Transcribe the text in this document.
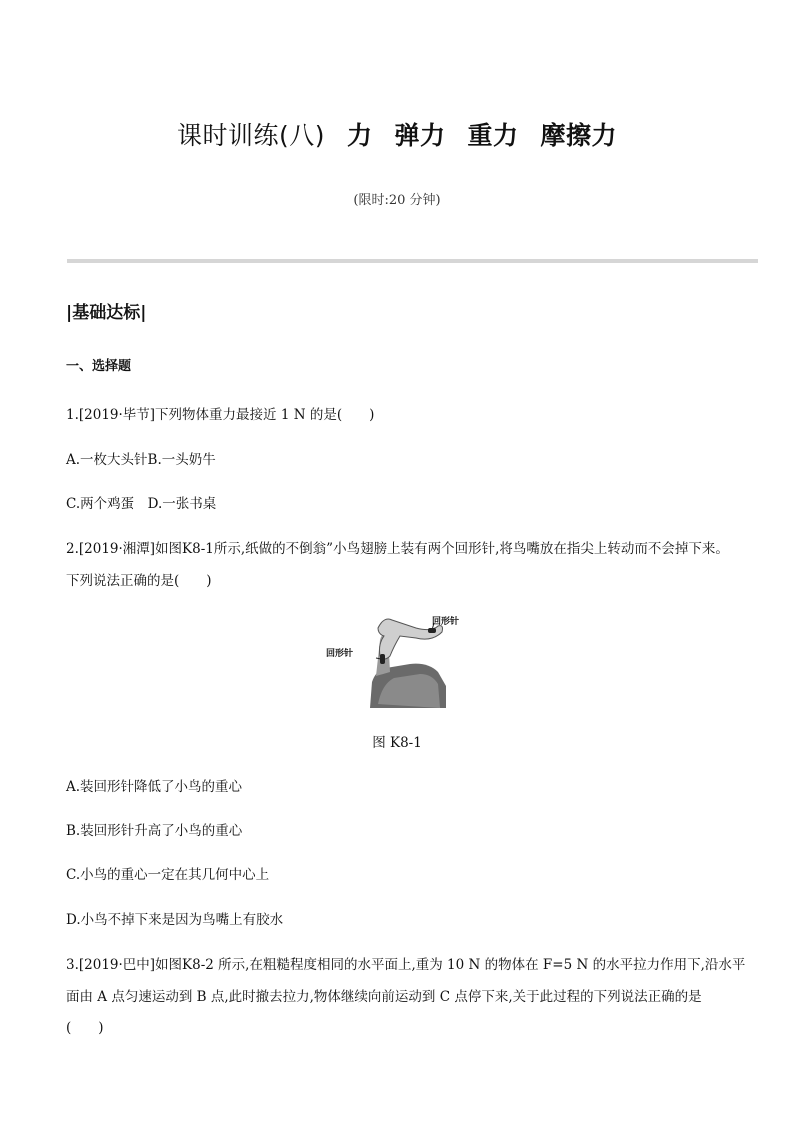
课时训练(八) 力 弹力 重力 摩擦力
(限时:20 分钟)
|基础达标|
一、选择题
1.[2019·毕节]下列物体重力最接近 1 N 的是(　　)
A.一枚大头针B.一头奶牛
C.两个鸡蛋　D.一张书桌
2.[2019·湘潭]如图K8-1所示,纸做的不倒翁”小鸟翅膀上装有两个回形针,将鸟嘴放在指尖上转动而不会掉下来。
下列说法正确的是(　　)
回形针
回形针
图 K8-1
A.装回形针降低了小鸟的重心
B.装回形针升高了小鸟的重心
C.小鸟的重心一定在其几何中心上
D.小鸟不掉下来是因为鸟嘴上有胶水
3.[2019·巴中]如图K8-2 所示,在粗糙程度相同的水平面上,重为 10 N 的物体在 F=5 N 的水平拉力作用下,沿水平
面由 A 点匀速运动到 B 点,此时撤去拉力,物体继续向前运动到 C 点停下来,关于此过程的下列说法正确的是
(　　)
